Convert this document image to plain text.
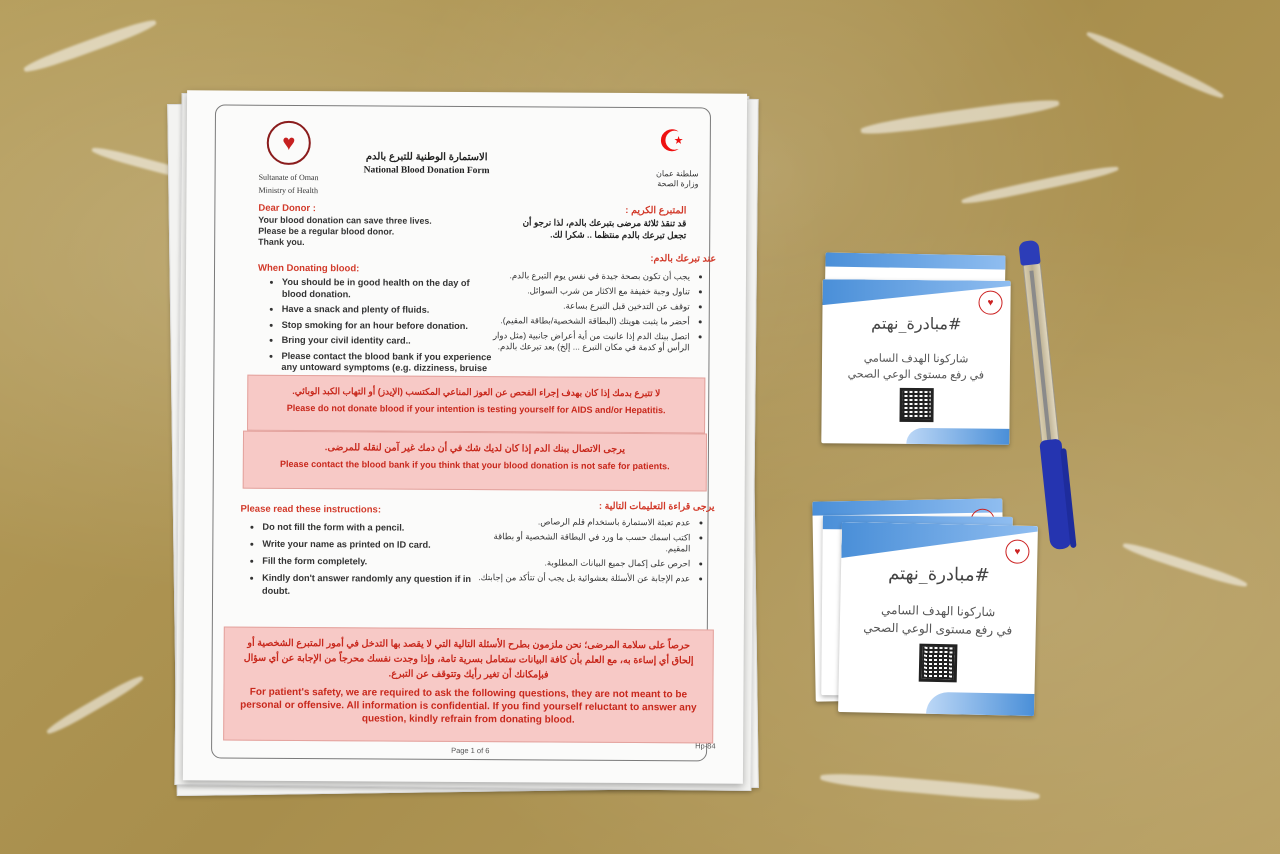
♥
Sultanate of Oman
Ministry of Health
☪
سلطنة عمان
وزارة الصحة
الاستمارة الوطنية للتبرع بالدم
National Blood Donation Form
Dear Donor :
Your blood donation can save three lives.
Please be a regular blood donor.
Thank you.
المتبرع الكريم :
قد تنقذ ثلاثة مرضى بتبرعك بالدم، لذا نرجو أن
تجعل تبرعك بالدم منتظما .. شكرا لك.
When Donating blood:
عند تبرعك بالدم:
• You should be in good health on the day of blood donation.
• Have a snack and plenty of fluids.
• Stop smoking for an hour before donation.
• Bring your civil identity card..
• Please contact the blood bank if you experience any untoward symptoms (e.g. dizziness, bruise
• يجب أن تكون بصحة جيدة في نفس يوم التبرع بالدم.
• تناول وجبة خفيفة مع الاكثار من شرب السوائل.
• توقف عن التدخين قبل التبرع بساعة.
• أحضر ما يثبت هويتك (البطاقة الشخصية/بطاقة المقيم).
• اتصل ببنك الدم إذا عانيت من أية أعراض جانبية (مثل دوار الرأس أو كدمة في مكان التبرع ... إلخ) بعد تبرعك بالدم.
لا تتبرع بدمك إذا كان بهدف إجراء الفحص عن العوز المناعي المكتسب (الإيدز) أو التهاب الكبد الوبائي.
Please do not donate blood if your intention is testing yourself for AIDS and/or Hepatitis.
يرجى الاتصال ببنك الدم إذا كان لديك شك في أن دمك غير آمن لنقله للمرضى.
Please contact the blood bank if you think that your blood donation is not safe for patients.
Please read these instructions:	يرجى قراءة التعليمات التالية :
• Do not fill the form with a pencil.
• Write your name as printed on ID card.
• Fill the form completely.
• Kindly don't answer randomly any question if in doubt.
• عدم تعبئة الاستمارة باستخدام قلم الرصاص.
• اكتب اسمك حسب ما ورد في البطاقة الشخصية أو بطاقة المقيم.
• احرص على إكمال جميع البيانات المطلوبة.
• عدم الإجابة عن الأسئلة بعشوائية بل يجب أن تتأكد من إجابتك.
حرصاً على سلامة المرضى؛ نحن ملزمون بطرح الأسئلة التالية التي لا يقصد بها التدخل في أمور المتبرع الشخصية أو إلحاق أي إساءة به، مع العلم بأن كافة البيانات ستعامل بسرية تامة، وإذا وجدت نفسك محرجاً من الإجابة عن أي سؤال فبإمكانك أن تغير رأيك وتتوقف عن التبرع.
For patient's safety, we are required to ask the following questions, they are not meant to be personal or offensive. All information is confidential. If you find yourself reluctant to answer any question, kindly refrain from donating blood.
Page 1 of 6	Hp-84
♥
#مبادرة_نهتم
شاركونا الهدف السامي
في رفع مستوى الوعي الصحي
♥
#مبادرة_نهتم
شاركونا الهدف السامي
في رفع مستوى الوعي الصحي
